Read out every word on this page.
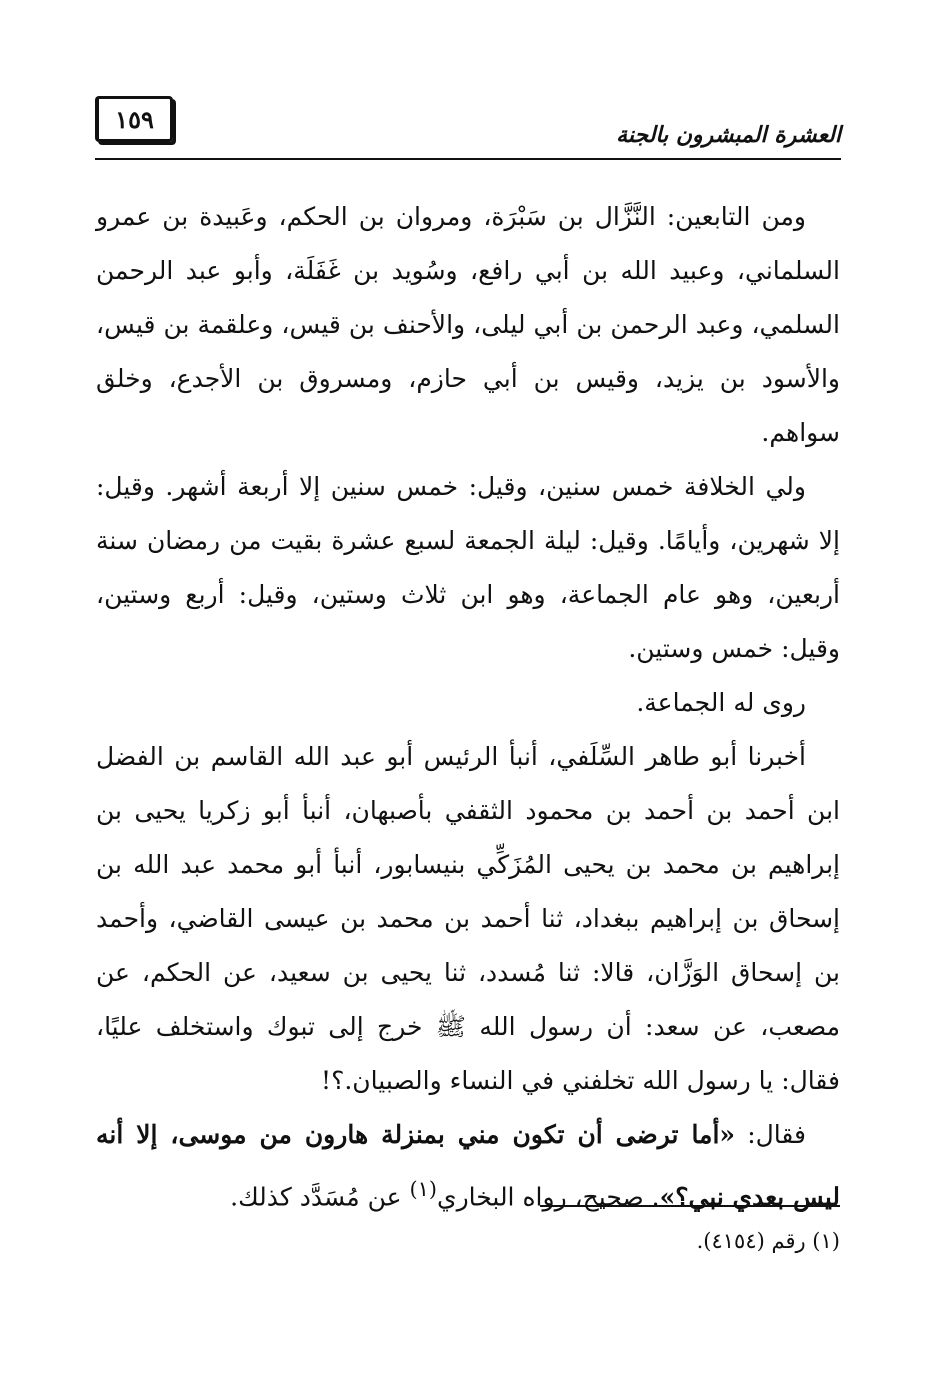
العشرة المبشرون بالجنة
١٥٩

ومن التابعين: النَّزَّال بن سَبْرَة، ومروان بن الحكم، وعَبيدة بن عمرو السلماني، وعبيد الله بن أبي رافع، وسُويد بن غَفَلَة، وأبو عبد الرحمن السلمي، وعبد الرحمن بن أبي ليلى، والأحنف بن قيس، وعلقمة بن قيس، والأسود بن يزيد، وقيس بن أبي حازم، ومسروق بن الأجدع، وخلق سواهم.

ولي الخلافة خمس سنين، وقيل: خمس سنين إلا أربعة أشهر. وقيل: إلا شهرين، وأيامًا. وقيل: ليلة الجمعة لسبع عشرة بقيت من رمضان سنة أربعين، وهو عام الجماعة، وهو ابن ثلاث وستين، وقيل: أربع وستين، وقيل: خمس وستين.

روى له الجماعة.

أخبرنا أبو طاهر السِّلَفي، أنبأ الرئيس أبو عبد الله القاسم بن الفضل ابن أحمد بن أحمد بن محمود الثقفي بأصبهان، أنبأ أبو زكريا يحيى بن إبراهيم بن محمد بن يحيى المُزَكِّي بنيسابور، أنبأ أبو محمد عبد الله بن إسحاق بن إبراهيم ببغداد، ثنا أحمد بن محمد بن عيسى القاضي، وأحمد بن إسحاق الوَزَّان، قالا: ثنا مُسدد، ثنا يحيى بن سعيد، عن الحكم، عن مصعب، عن سعد: أن رسول الله ﷺ خرج إلى تبوك واستخلف عليًا، فقال: يا رسول الله تخلفني في النساء والصبيان.؟!

فقال: «أما ترضى أن تكون مني بمنزلة هارون من موسى، إلا أنه ليس بعدي نبي؟». صحيح، رواه البخاري$^{(١)}$ عن مُسَدَّد كذلك.

(١) رقم (٤١٥٤).
